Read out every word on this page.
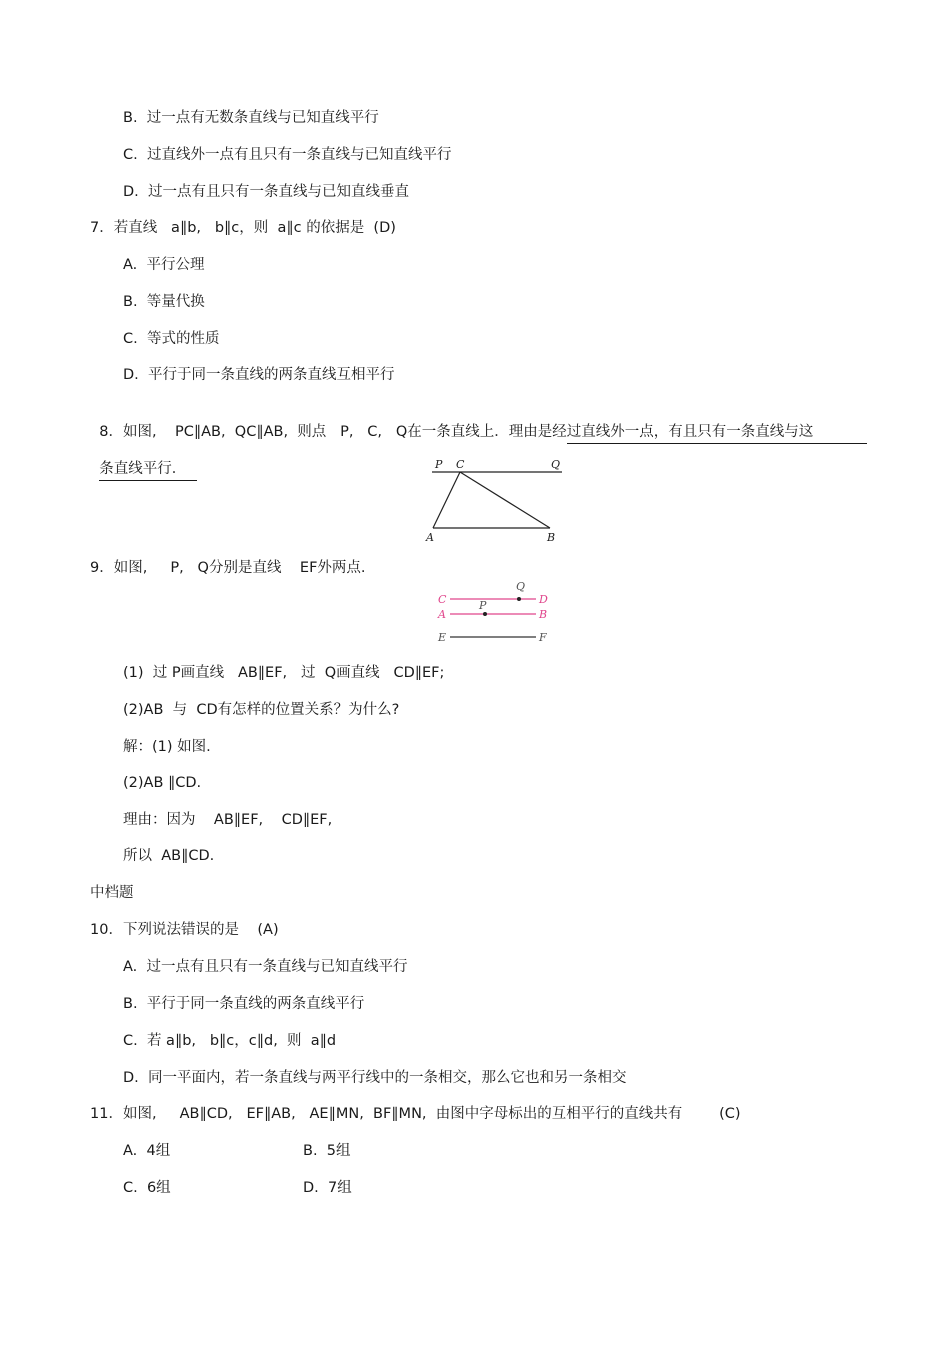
B.  过一点有无数条直线与已知直线平行
C.  过直线外一点有且只有一条直线与已知直线平行
D.  过一点有且只有一条直线与已知直线垂直
7．若直线   a∥b,   b∥c，则  a∥c 的依据是  (D)
A.  平行公理
B.  等量代换
C.  等式的性质
D.  平行于同一条直线的两条直线互相平行

8．如图,    PC∥AB,  QC∥AB,  则点   P,   C,   Q在一条直线上．理由是经过直线外一点，有且只有一条直线与这

条直线平行．	P C	Q
A	B
9．如图,     P,   Q分别是直线    EF外两点.
Q
C	D
P
A	B
E	F
(1)  过 P画直线   AB∥EF,   过  Q画直线   CD∥EF;
(2)AB  与  CD有怎样的位置关系？为什么?
解：(1) 如图.
(2)AB ∥CD.
理由：因为    AB∥EF,    CD∥EF,
所以  AB∥CD.
中档题
10．下列说法错误的是    (A)
A.  过一点有且只有一条直线与已知直线平行
B.  平行于同一条直线的两条直线平行
C.  若 a∥b,   b∥c，c∥d,  则  a∥d
D.  同一平面内，若一条直线与两平行线中的一条相交，那么它也和另一条相交
11．如图,     AB∥CD,   EF∥AB,   AE∥MN,  BF∥MN,  由图中字母标出的互相平行的直线共有        (C)
A.  4组	B.  5组
C.  6组	D.  7组
